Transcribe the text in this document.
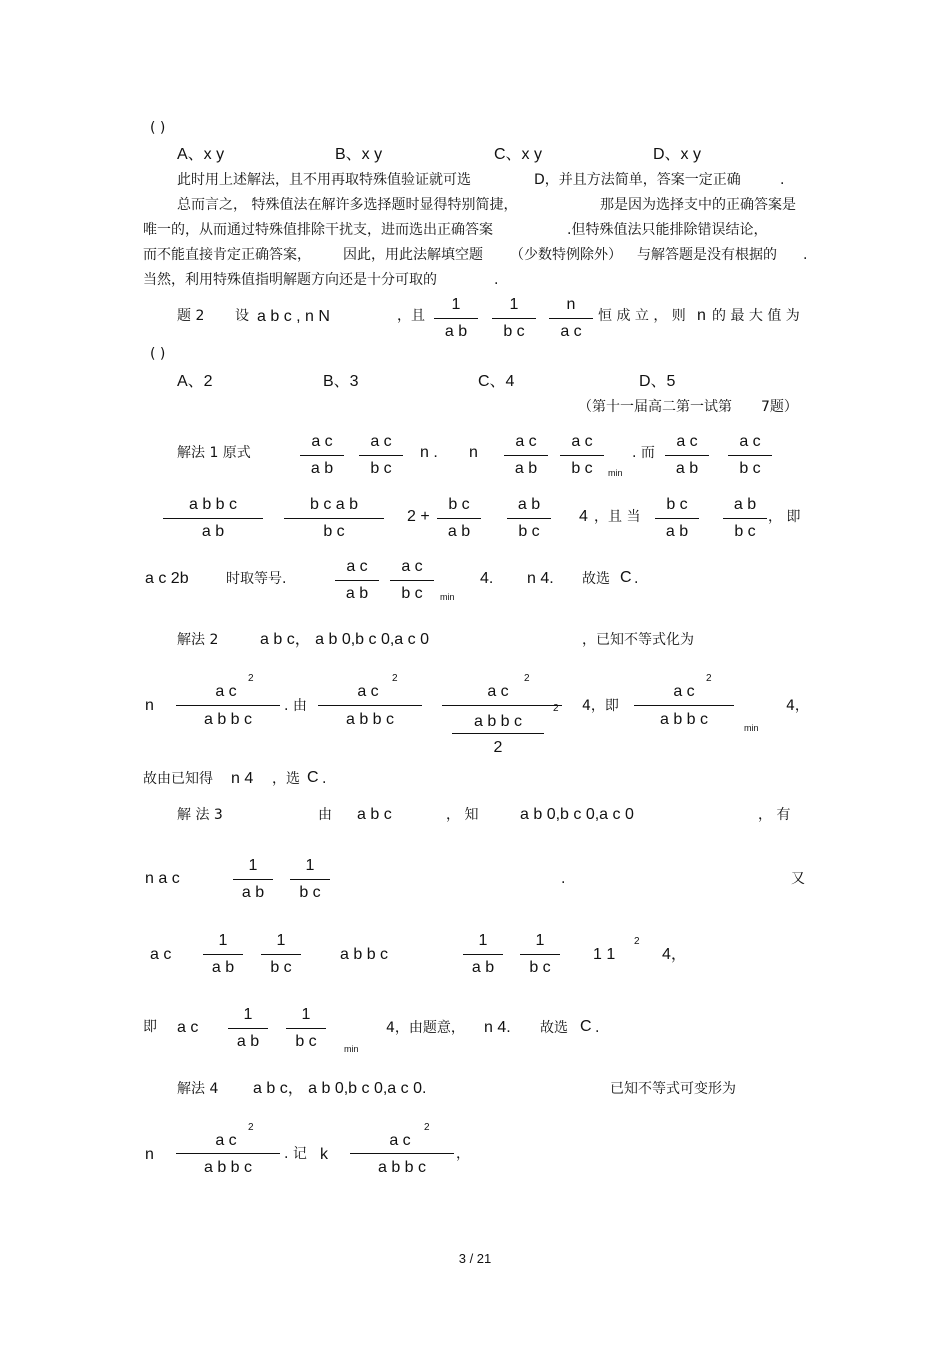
( )
A、x y	B、x y	C、x y	D、x y
此时用上述解法，且不用再取特殊值验证就可选	D，并且方法简单，答案一定正确	.
总而言之， 特殊值法在解许多选择题时显得特别简捷，	那是因为选择支中的正确答案是
唯一的，从而通过特殊值排除干扰支，进而选出正确答案	.但特殊值法只能排除错误结论，
而不能直接肯定正确答案， 因此，用此法解填空题 （少数特例除外） 与解答题是没有根据的 .
当然，利用特殊值指明解题方向还是十分可取的	.
题 2 设 a b c , n N	，且
1
a b
1
b c
n
a c
恒 成 立 ， 则 n 的 最 大 值 为
( )
A、2	B、3	C、4	D、5
（第十一届高二第一试第 7题）
解法 1 原式
a c
a b
a c
b c
n . n
a c
a b
a c
b c	min
. 而
a c
a b
a c
b c
a b b c
a b
b c a b
b c
2 +
b c
a b
a b
b c
4 ，且 当
b c
a b
a b
b c
， 即
a c 2b	时取等号.
a c
a b
a c
b c	min
4. n 4. 故选 C .
解法 2	a b c， a b 0,b c 0,a c 0	，已知不等式化为
n
a c
2
a b b c
. 由
a c
2
a b b c
a c
2
a b b c
2
2
4，即
a c
2
a b b c	min
4，
故由已知得 n 4 ，选 C .
解 法 3	由 a b c	， 知	a b 0,b c 0,a c 0	， 有
n a c
1
a b
1
b c
.	又
a c
1
a b
1
b c
a b b c
1
a b
1
b c
1 1
2
4，
即 a c
1
a b
1
b c	min
4，由题意， n 4. 故选 C .
解法 4 a b c， a b 0,b c 0,a c 0.	已知不等式可变形为
n
a c
2
a b b c
. 记 k
a c
2
a b b c
，
3 / 21
